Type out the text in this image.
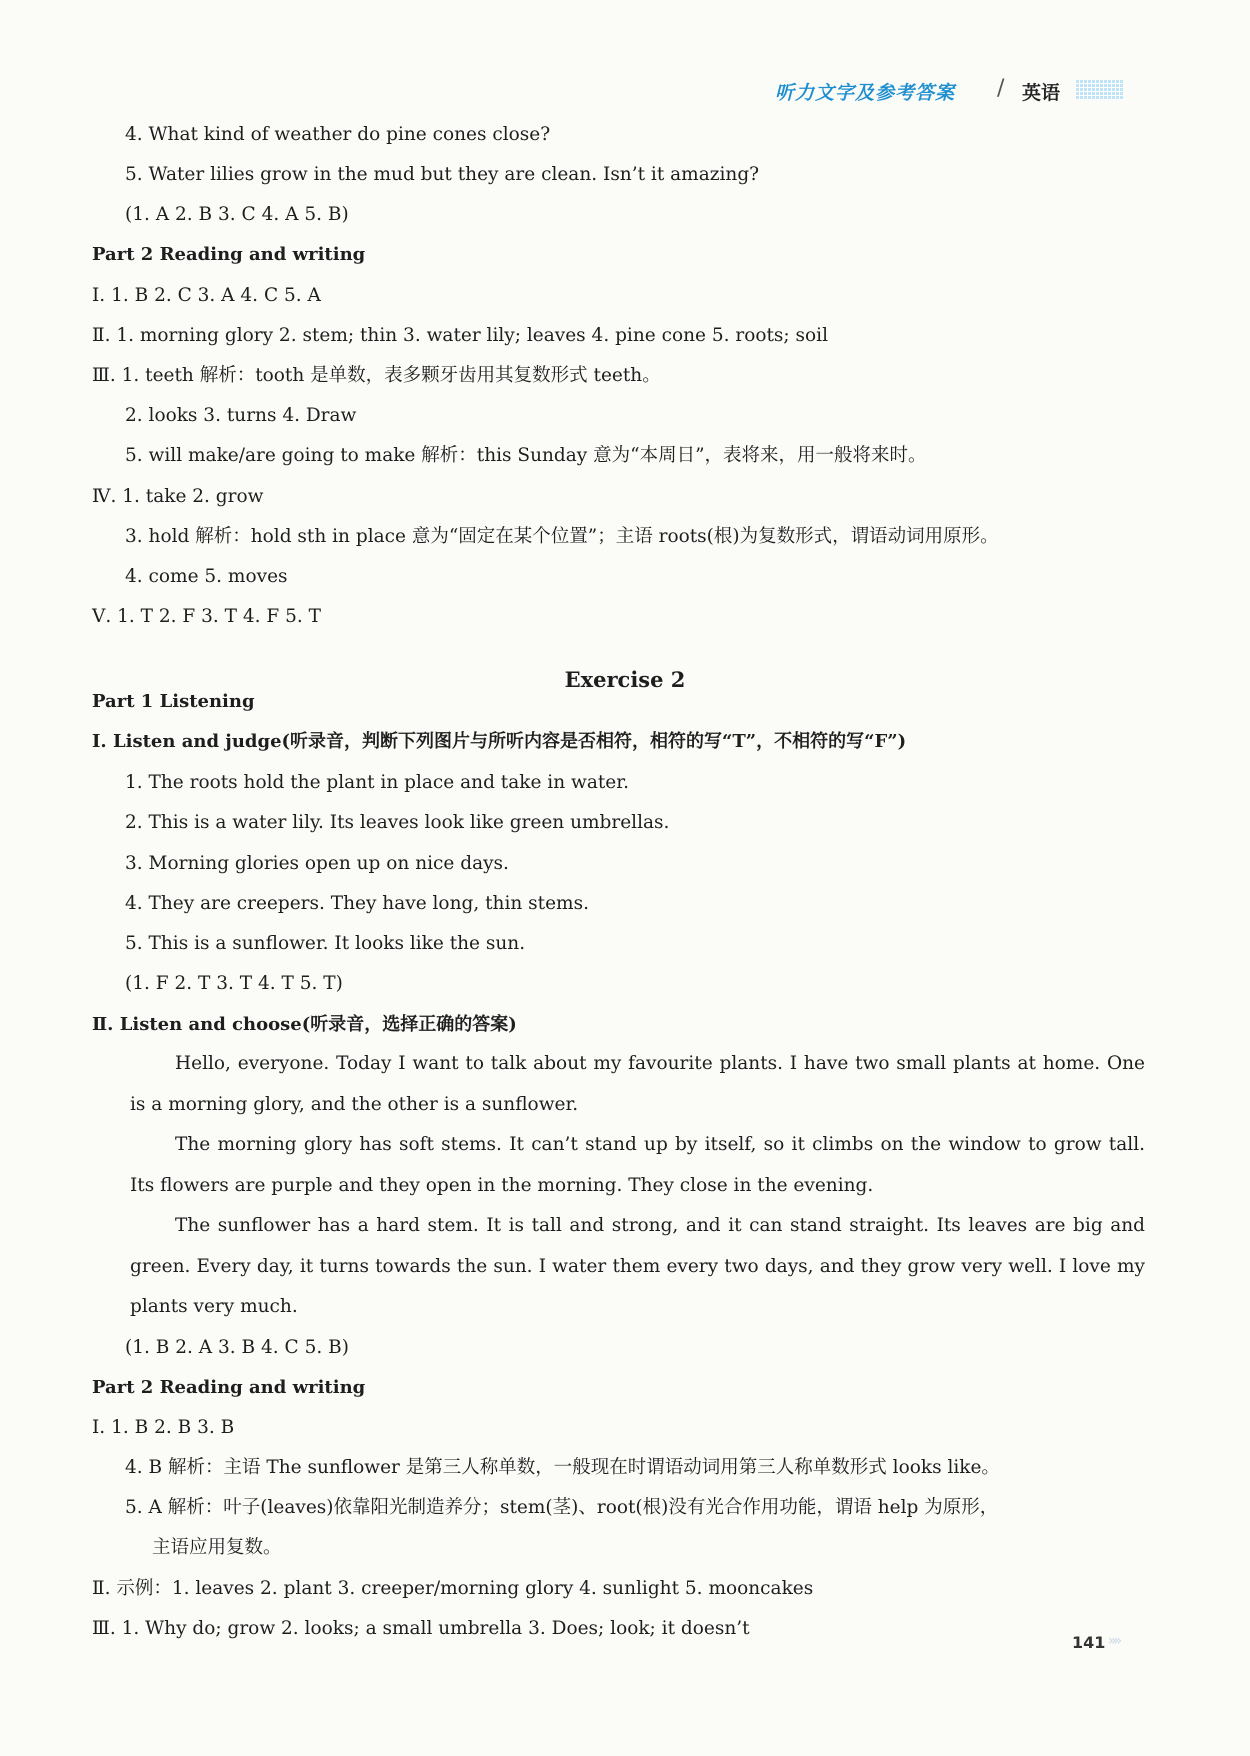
听力文字及参考答案 / 英语
Exercise 2
4. What kind of weather do pine cones close?
5. Water lilies grow in the mud but they are clean. Isn’t it amazing?
(1. A 2. B 3. C 4. A 5. B)
Part 2 Reading and writing
Ⅰ. 1. B 2. C 3. A 4. C 5. A
Ⅱ. 1. morning glory 2. stem; thin 3. water lily; leaves 4. pine cone 5. roots; soil
Ⅲ. 1. teeth 解析：tooth 是单数，表多颗牙齿用其复数形式 teeth。
2. looks 3. turns 4. Draw
5. will make/are going to make 解析：this Sunday 意为“本周日”，表将来，用一般将来时。
Ⅳ. 1. take 2. grow
3. hold 解析：hold sth in place 意为“固定在某个位置”；主语 roots(根)为复数形式，谓语动词用原形。
4. come 5. moves
Ⅴ. 1. T 2. F 3. T 4. F 5. T
Part 1 Listening
Ⅰ. Listen and judge(听录音，判断下列图片与所听内容是否相符，相符的写“T”，不相符的写“F”)
1. The roots hold the plant in place and take in water.
2. This is a water lily. Its leaves look like green umbrellas.
3. Morning glories open up on nice days.
4. They are creepers. They have long, thin stems.
5. This is a sunflower. It looks like the sun.
(1. F 2. T 3. T 4. T 5. T)
Ⅱ. Listen and choose(听录音，选择正确的答案)
(1. B 2. A 3. B 4. C 5. B)
Part 2 Reading and writing
Ⅰ. 1. B 2. B 3. B
4. B 解析：主语 The sunflower 是第三人称单数，一般现在时谓语动词用第三人称单数形式 looks like。
5. A 解析：叶子(leaves)依靠阳光制造养分；stem(茎)、root(根)没有光合作用功能，谓语 help 为原形，
主语应用复数。
Ⅱ. 示例：1. leaves 2. plant 3. creeper/morning glory 4. sunlight 5. mooncakes
Ⅲ. 1. Why do; grow 2. looks; a small umbrella 3. Does; look; it doesn’t
Hello, everyone. Today I want to talk about my favourite plants. I have two small plants at home. One is a morning glory, and the other is a sunflower.
The morning glory has soft stems. It can’t stand up by itself, so it climbs on the window to grow tall. Its flowers are purple and they open in the morning. They close in the evening.
The sunflower has a hard stem. It is tall and strong, and it can stand straight. Its leaves are big and green. Every day, it turns towards the sun. I water them every two days, and they grow very well. I love my plants very much.
141 »»
